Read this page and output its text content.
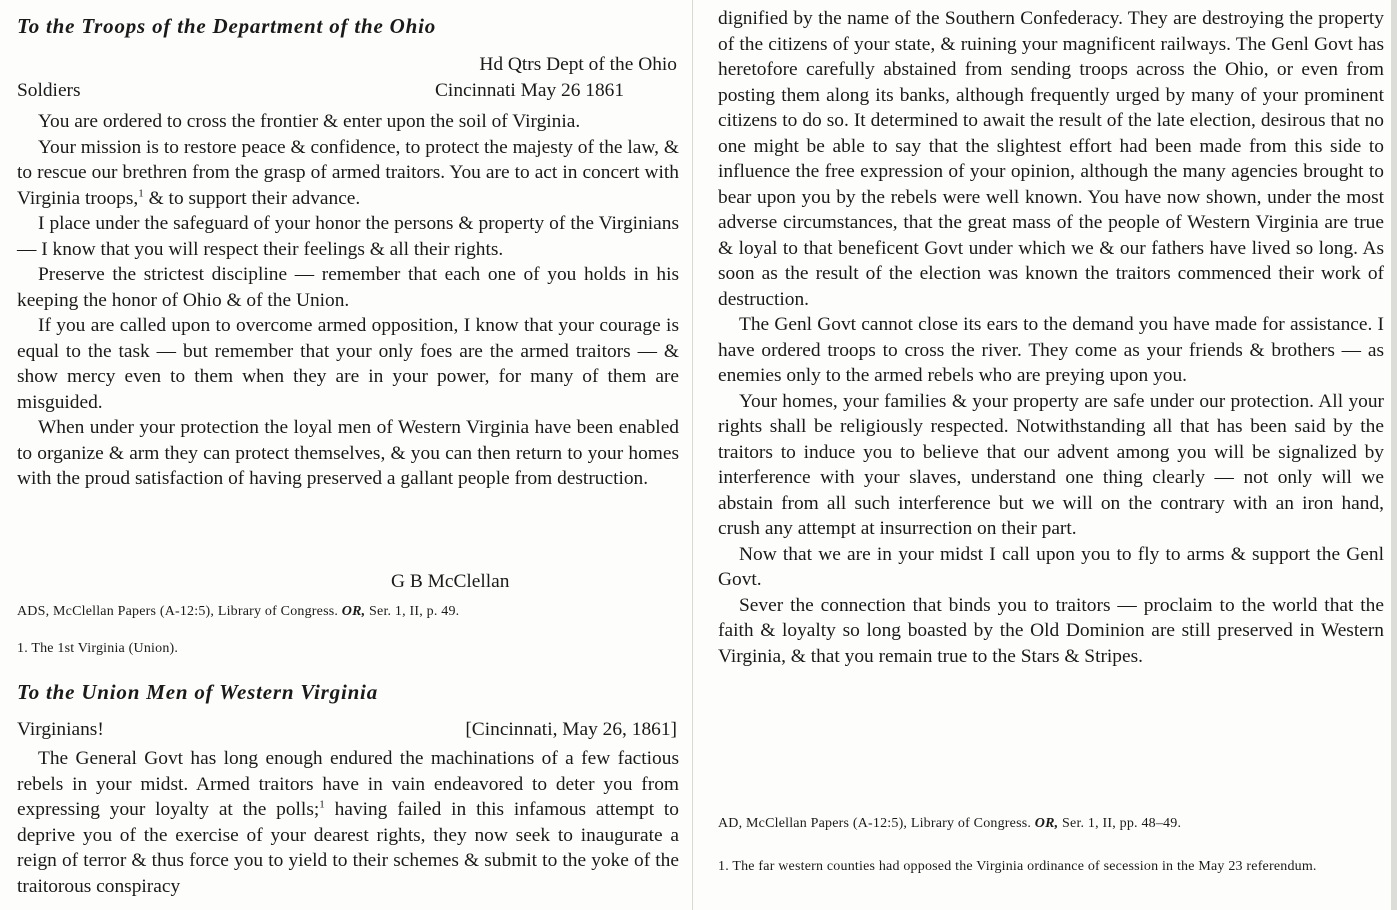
To the Troops of the Department of the Ohio
Hd Qtrs Dept of the Ohio
Soldiers	Cincinnati May 26 1861

You are ordered to cross the frontier & enter upon the soil of Virginia.

Your mission is to restore peace & confidence, to protect the majesty of the law, & to rescue our brethren from the grasp of armed traitors. You are to act in concert with Virginia troops,$^1$ & to support their advance.

I place under the safeguard of your honor the persons & property of the Virginians — I know that you will respect their feelings & all their rights.

Preserve the strictest discipline — remember that each one of you holds in his keeping the honor of Ohio & of the Union.

If you are called upon to overcome armed opposition, I know that your courage is equal to the task — but remember that your only foes are the armed traitors — & show mercy even to them when they are in your power, for many of them are misguided.

When under your protection the loyal men of Western Virginia have been enabled to organize & arm they can protect themselves, & you can then return to your homes with the proud satisfaction of having preserved a gallant people from destruction.

G B McClellan
ADS, McClellan Papers (A-12:5), Library of Congress. OR, Ser. 1, II, p. 49.
1. The 1st Virginia (Union).
To the Union Men of Western Virginia
Virginians!	[Cincinnati, May 26, 1861]

The General Govt has long enough endured the machinations of a few factious rebels in your midst. Armed traitors have in vain endeavored to deter you from expressing your loyalty at the polls;$^1$ having failed in this infamous attempt to deprive you of the exercise of your dearest rights, they now seek to inaugurate a reign of terror & thus force you to yield to their schemes & submit to the yoke of the traitorous conspiracy

dignified by the name of the Southern Confederacy. They are destroying the property of the citizens of your state, & ruining your magnificent railways. The Genl Govt has heretofore carefully abstained from sending troops across the Ohio, or even from posting them along its banks, although frequently urged by many of your prominent citizens to do so. It determined to await the result of the late election, desirous that no one might be able to say that the slightest effort had been made from this side to influence the free expression of your opinion, although the many agencies brought to bear upon you by the rebels were well known. You have now shown, under the most adverse circumstances, that the great mass of the people of Western Virginia are true & loyal to that beneficent Govt under which we & our fathers have lived so long. As soon as the result of the election was known the traitors commenced their work of destruction.

The Genl Govt cannot close its ears to the demand you have made for assistance. I have ordered troops to cross the river. They come as your friends & brothers — as enemies only to the armed rebels who are preying upon you.

Your homes, your families & your property are safe under our protection. All your rights shall be religiously respected. Notwithstanding all that has been said by the traitors to induce you to believe that our advent among you will be signalized by interference with your slaves, understand one thing clearly — not only will we abstain from all such interference but we will on the contrary with an iron hand, crush any attempt at insurrection on their part.

Now that we are in your midst I call upon you to fly to arms & support the Genl Govt.

Sever the connection that binds you to traitors — proclaim to the world that the faith & loyalty so long boasted by the Old Dominion are still preserved in Western Virginia, & that you remain true to the Stars & Stripes.

AD, McClellan Papers (A-12:5), Library of Congress. OR, Ser. 1, II, pp. 48–49.
1. The far western counties had opposed the Virginia ordinance of secession in the May 23 referendum.
